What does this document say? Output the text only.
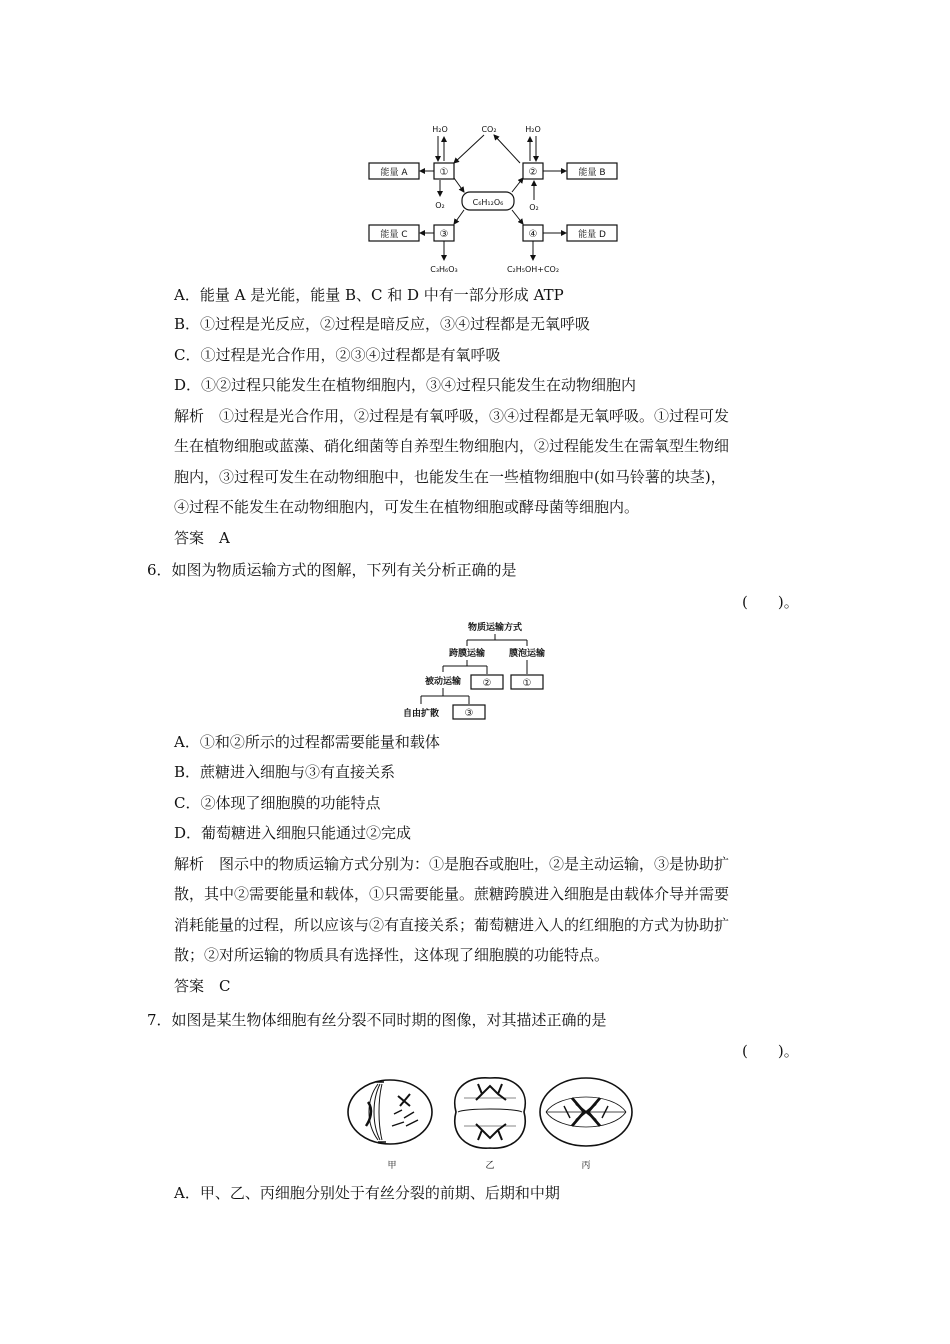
H₂O	CO₂	H₂O
能量 A	①	②	能量 B
C₆H₁₂O₆
O₂	O₂
能量 C	③	④	能量 D
C₃H₆O₃	C₂H₅OH+CO₂
A．能量 A 是光能，能量 B、C 和 D 中有一部分形成 ATP
B．①过程是光反应，②过程是暗反应，③④过程都是无氧呼吸
C．①过程是光合作用，②③④过程都是有氧呼吸
D．①②过程只能发生在植物细胞内，③④过程只能发生在动物细胞内
解析　①过程是光合作用，②过程是有氧呼吸，③④过程都是无氧呼吸。①过程可发
生在植物细胞或蓝藻、硝化细菌等自养型生物细胞内，②过程能发生在需氧型生物细
胞内，③过程可发生在动物细胞中，也能发生在一些植物细胞中(如马铃薯的块茎)，
④过程不能发生在动物细胞内，可发生在植物细胞或酵母菌等细胞内。
答案　A
6．如图为物质运输方式的图解，下列有关分析正确的是
(　　)。
物质运输方式
跨膜运输	膜泡运输
被动运输 ②	①
自由扩散	③
A．①和②所示的过程都需要能量和载体
B．蔗糖进入细胞与③有直接关系
C．②体现了细胞膜的功能特点
D．葡萄糖进入细胞只能通过②完成
解析　图示中的物质运输方式分别为：①是胞吞或胞吐，②是主动运输，③是协助扩
散，其中②需要能量和载体，①只需要能量。蔗糖跨膜进入细胞是由载体介导并需要
消耗能量的过程，所以应该与②有直接关系；葡萄糖进入人的红细胞的方式为协助扩
散；②对所运输的物质具有选择性，这体现了细胞膜的功能特点。
答案　C
7．如图是某生物体细胞有丝分裂不同时期的图像，对其描述正确的是
(　　)。
甲	乙	丙
A．甲、乙、丙细胞分别处于有丝分裂的前期、后期和中期
